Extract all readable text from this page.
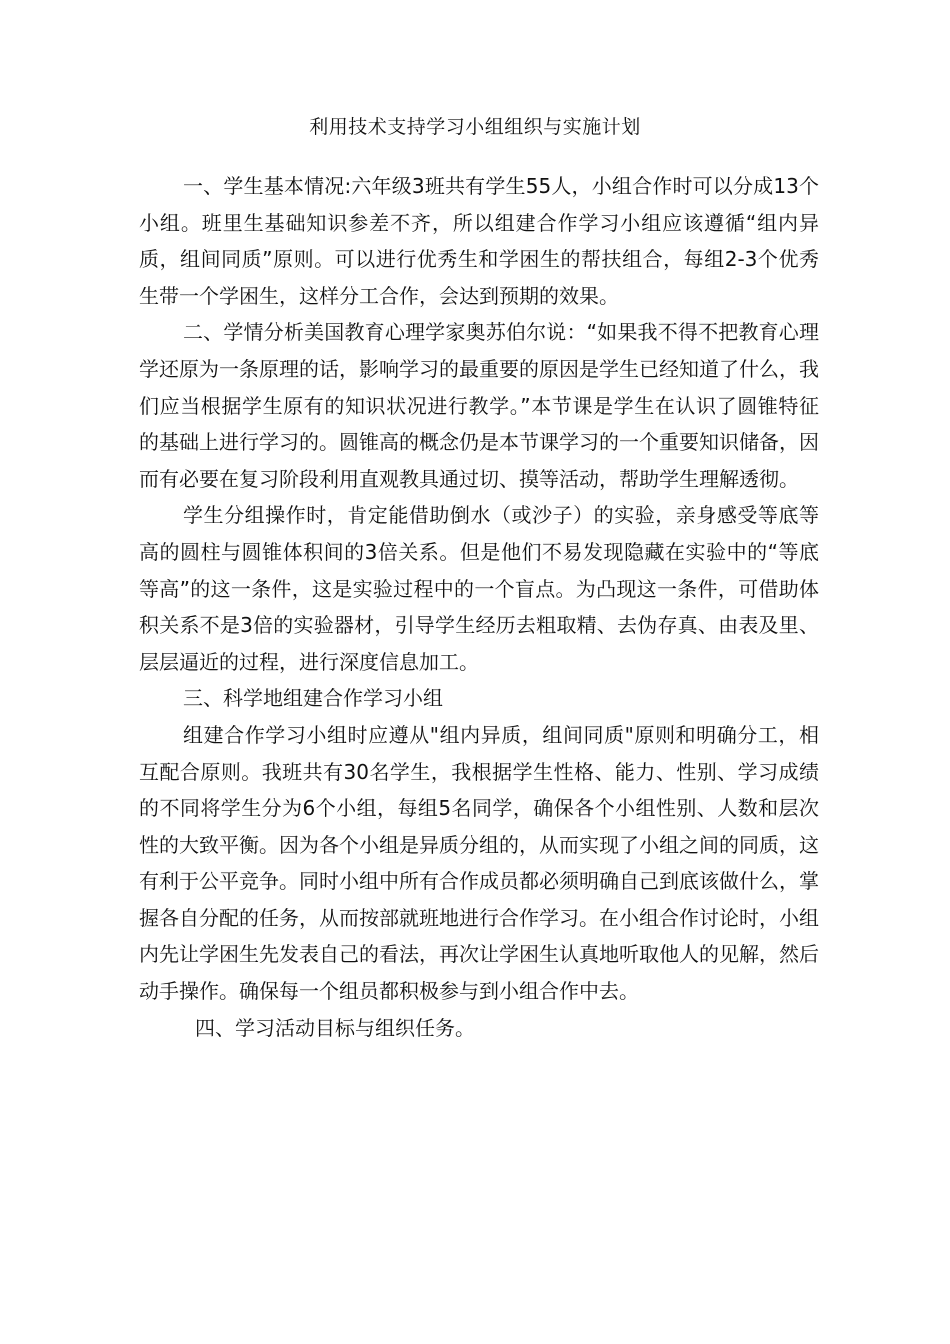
利用技术支持学习小组组织与实施计划

一、学生基本情况:六年级3班共有学生55人，小组合作时可以分成13个小组。班里生基础知识参差不齐，所以组建合作学习小组应该遵循“组内异质，组间同质”原则。可以进行优秀生和学困生的帮扶组合，每组2-3个优秀生带一个学困生，这样分工合作，会达到预期的效果。

二、学情分析美国教育心理学家奥苏伯尔说：“如果我不得不把教育心理学还原为一条原理的话，影响学习的最重要的原因是学生已经知道了什么，我们应当根据学生原有的知识状况进行教学。”本节课是学生在认识了圆锥特征的基础上进行学习的。圆锥高的概念仍是本节课学习的一个重要知识储备，因而有必要在复习阶段利用直观教具通过切、摸等活动，帮助学生理解透彻。

学生分组操作时，肯定能借助倒水（或沙子）的实验，亲身感受等底等高的圆柱与圆锥体积间的3倍关系。但是他们不易发现隐藏在实验中的“等底等高”的这一条件，这是实验过程中的一个盲点。为凸现这一条件，可借助体积关系不是3倍的实验器材，引导学生经历去粗取精、去伪存真、由表及里、层层逼近的过程，进行深度信息加工。

三、科学地组建合作学习小组

组建合作学习小组时应遵从"组内异质，组间同质"原则和明确分工，相互配合原则。我班共有30名学生，我根据学生性格、能力、性别、学习成绩的不同将学生分为6个小组，每组5名同学，确保各个小组性别、人数和层次性的大致平衡。因为各个小组是异质分组的，从而实现了小组之间的同质，这有利于公平竞争。同时小组中所有合作成员都必须明确自己到底该做什么，掌握各自分配的任务，从而按部就班地进行合作学习。在小组合作讨论时，小组内先让学困生先发表自己的看法，再次让学困生认真地听取他人的见解，然后动手操作。确保每一个组员都积极参与到小组合作中去。

四、学习活动目标与组织任务。
